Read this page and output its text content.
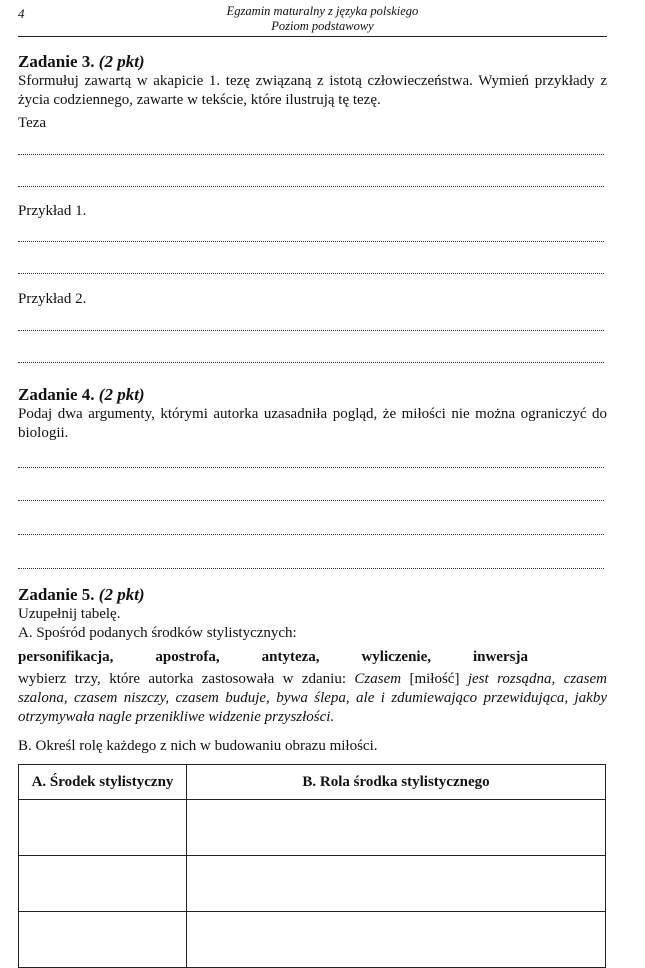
4	Egzamin maturalny z języka polskiego
Poziom podstawowy
Zadanie 3. (2 pkt)
Sformułuj zawartą w akapicie 1. tezę związaną z istotą człowieczeństwa. Wymień przykłady z życia codziennego, zawarte w tekście, które ilustrują tę tezę.
Teza
Przykład 1.
Przykład 2.
Zadanie 4. (2 pkt)
Podaj dwa argumenty, którymi autorka uzasadniła pogląd, że miłości nie można ograniczyć do biologii.
Zadanie 5. (2 pkt)
Uzupełnij tabelę.
A. Spośród podanych środków stylistycznych:
personifikacja,	apostrofa,	antyteza,	wyliczenie,	inwersja
wybierz trzy, które autorka zastosowała w zdaniu: Czasem [miłość] jest rozsądna, czasem szalona, czasem niszczy, czasem buduje, bywa ślepa, ale i zdumiewająco przewidująca, jakby otrzymywała nagle przenikliwe widzenie przyszłości.
B. Określ rolę każdego z nich w budowaniu obrazu miłości.
A. Środek stylistyczny	B. Rola środka stylistycznego
